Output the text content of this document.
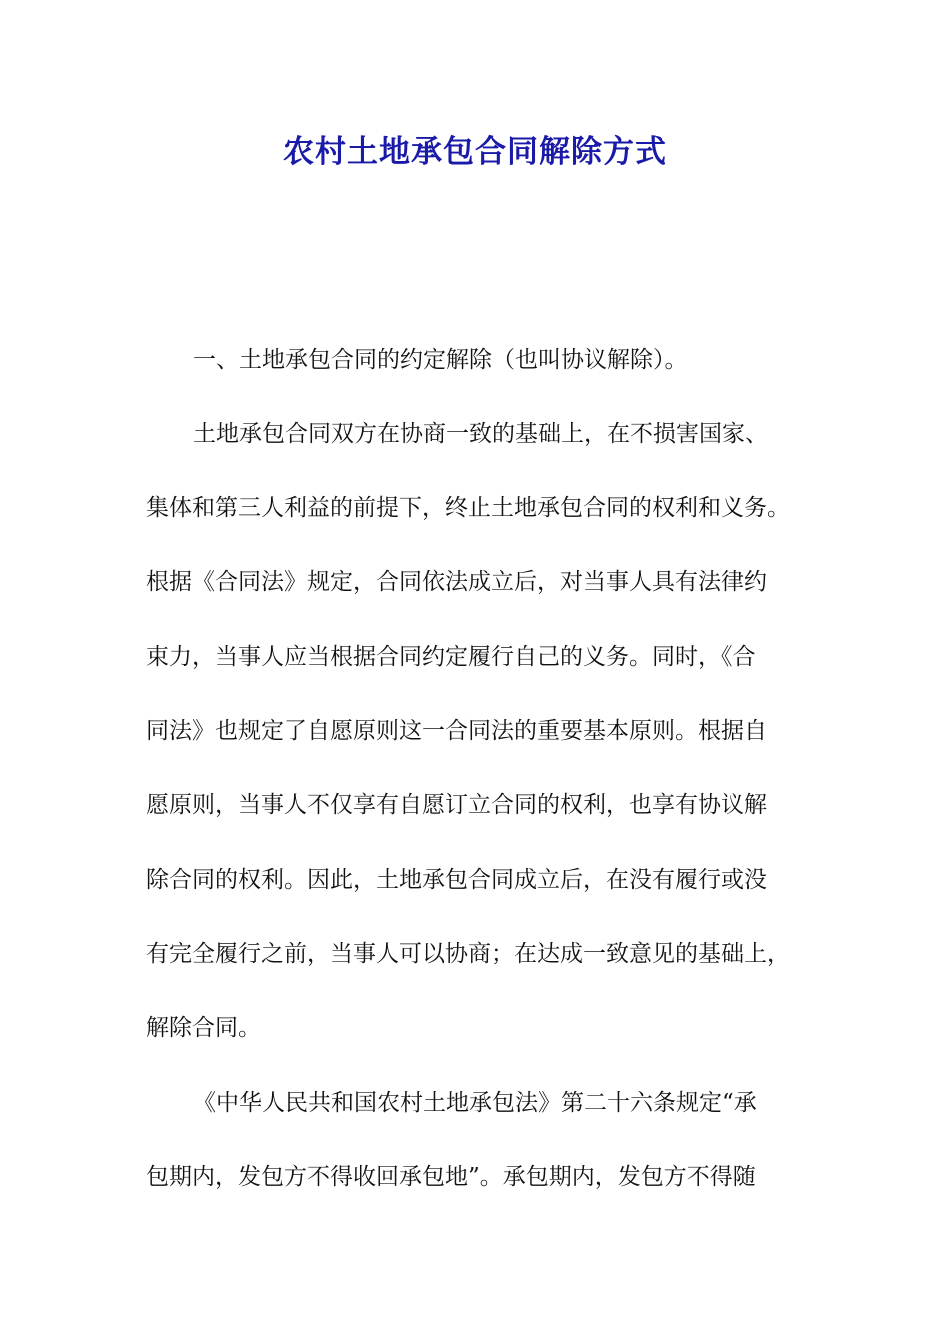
农村土地承包合同解除方式

一、土地承包合同的约定解除（也叫协议解除）。

土地承包合同双方在协商一致的基础上，在不损害国家、

集体和第三人利益的前提下，终止土地承包合同的权利和义务。

根据《合同法》规定，合同依法成立后，对当事人具有法律约

束力，当事人应当根据合同约定履行自己的义务。同时，《合

同法》也规定了自愿原则这一合同法的重要基本原则。根据自

愿原则，当事人不仅享有自愿订立合同的权利，也享有协议解

除合同的权利。因此，土地承包合同成立后，在没有履行或没

有完全履行之前，当事人可以协商；在达成一致意见的基础上，

解除合同。

《中华人民共和国农村土地承包法》第二十六条规定“承

包期内，发包方不得收回承包地”。承包期内，发包方不得随
